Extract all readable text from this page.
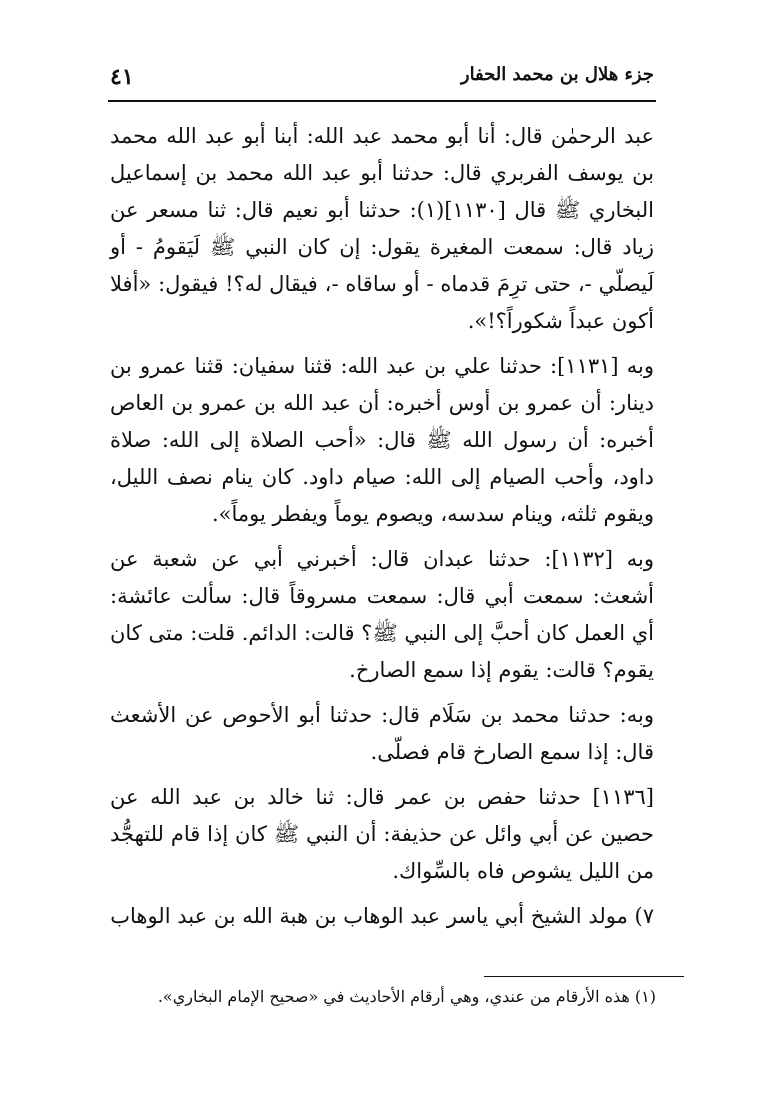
جزء هلال بن محمد الحفار
٤١

عبد الرحمٰن قال: أنا أبو محمد عبد الله: أبنا أبو عبد الله محمد بن يوسف الفربري قال: حدثنا أبو عبد الله محمد بن إسماعيل البخاري ﷺ قال [١١٣٠](١): حدثنا أبو نعيم قال: ثنا مسعر عن زياد قال: سمعت المغيرة يقول: إن كان النبي ﷺ لَيَقومُ - أو لَيصلّي -، حتى ترِمَ قدماه - أو ساقاه -، فيقال له؟! فيقول: «أفلا أكون عبداً شكوراً؟!».

وبه [١١٣١]: حدثنا علي بن عبد الله: قثنا سفيان: قثنا عمرو بن دينار: أن عمرو بن أوس أخبره: أن عبد الله بن عمرو بن العاص أخبره: أن رسول الله ﷺ قال: «أحب الصلاة إلى الله: صلاة داود، وأحب الصيام إلى الله: صيام داود. كان ينام نصف الليل، ويقوم ثلثه، وينام سدسه، ويصوم يوماً ويفطر يوماً».

وبه [١١٣٢]: حدثنا عبدان قال: أخبرني أبي عن شعبة عن أشعث: سمعت أبي قال: سمعت مسروقاً قال: سألت عائشة: أي العمل كان أحبَّ إلى النبي ﷺ؟ قالت: الدائم. قلت: متى كان يقوم؟ قالت: يقوم إذا سمع الصارخ.

وبه: حدثنا محمد بن سَلَام قال: حدثنا أبو الأحوص عن الأشعث قال: إذا سمع الصارخ قام فصلّى.

[١١٣٦] حدثنا حفص بن عمر قال: ثنا خالد بن عبد الله عن حصين عن أبي وائل عن حذيفة: أن النبي ﷺ كان إذا قام للتهجُّد من الليل يشوص فاه بالسِّواك.

٧) مولد الشيخ أبي ياسر عبد الوهاب بن هبة الله بن عبد الوهاب

(١) هذه الأرقام من عندي، وهي أرقام الأحاديث في «صحيح الإمام البخاري».
